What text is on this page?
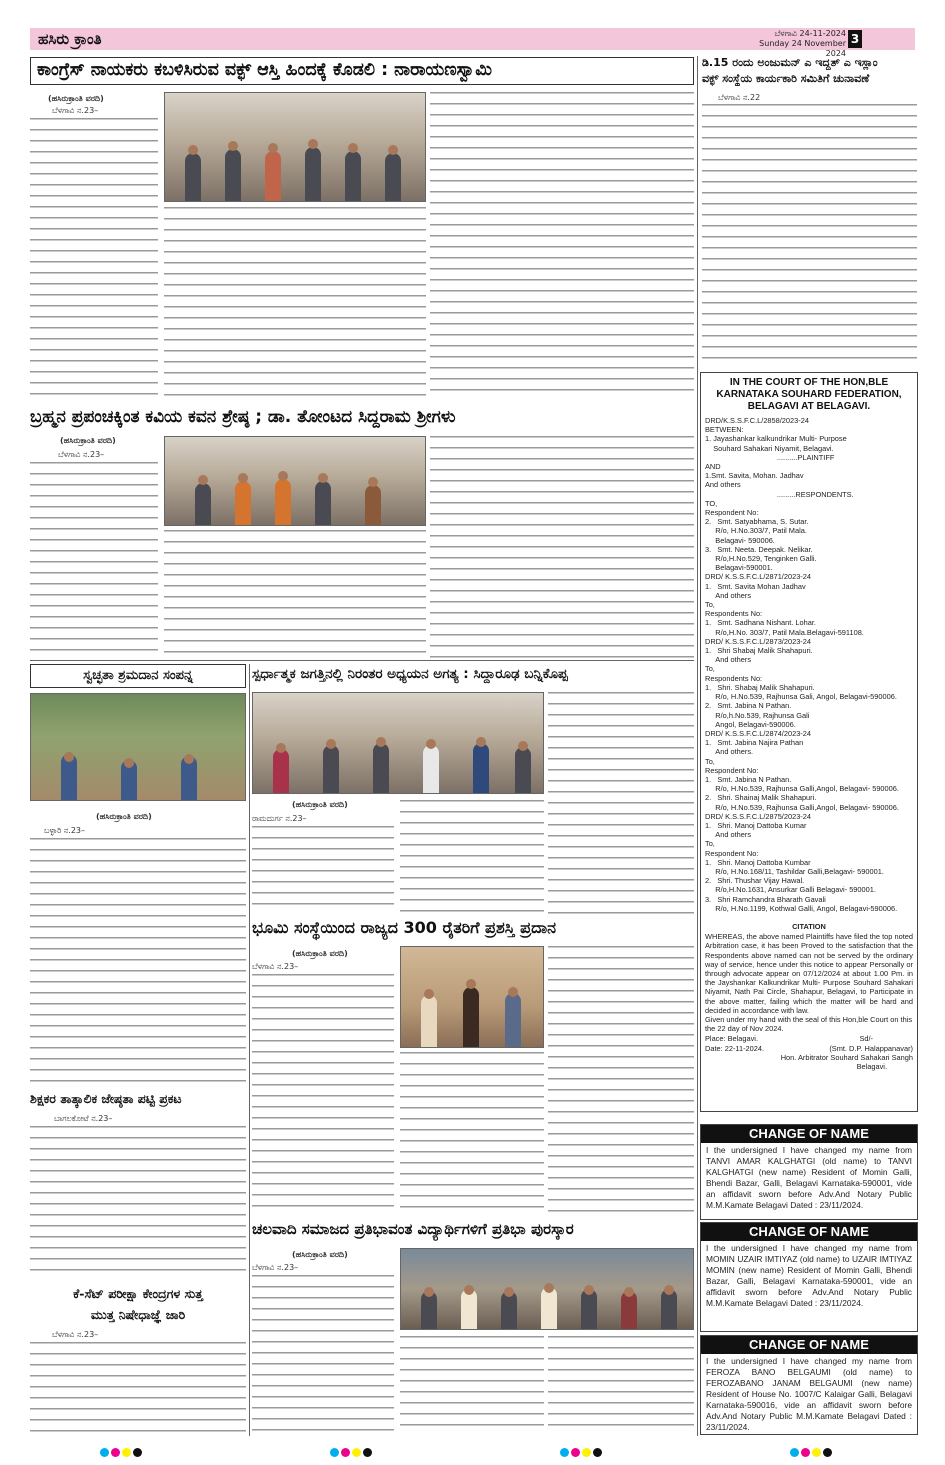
ಹಸಿರು ಕ್ರಾಂತಿ	ಬೆಳಗಾವಿ 24-11-2024
Sunday 24 November 2024
3
ಕಾಂಗ್ರೆಸ್ ನಾಯಕರು ಕಬಳಿಸಿರುವ ವಕ್ಫ್ ಆಸ್ತಿ ಹಿಂದಕ್ಕೆ ಕೊಡಲಿ : ನಾರಾಯಣಸ್ವಾಮಿ
(ಹಸಿರುಕ್ರಾಂತಿ ವರದಿ)
ಬೆಳಗಾವಿ ನ.23–
ಡಿ.15 ರಂದು ಅಂಜುಮನ್ ಎ ಇದ್ದತ್ ಎ ಇಸ್ಲಾಂ
ವಕ್ಫ್ ಸಂಸ್ಥೆಯ ಕಾರ್ಯಕಾರಿ ಸಮಿತಿಗೆ ಚುನಾವಣೆ
ಬೆಳಗಾವಿ ನ.22
ಬ್ರಹ್ಮನ ಪ್ರಪಂಚಕ್ಕಿಂತ ಕವಿಯ ಕವನ ಶ್ರೇಷ್ಠ ; ಡಾ. ತೋಂಟದ ಸಿದ್ದರಾಮ ಶ್ರೀಗಳು
(ಹಸಿರುಕ್ರಾಂತಿ ವರದಿ)
ಬೆಳಗಾವಿ ನ.23–
IN THE COURT OF THE HON,BLE KARNATAKA SOUHARD FEDERATION, BELAGAVI AT BELAGAVI.
DRD/K.S.S.F.C.L/2858/2023-24
BETWEEN:
1. Jayashankar kalkundrikar Multi- Purpose
Souhard Sahakari Niyamit, Belagavi.
..........PLAINTIFF
AND
1.Smt. Savita, Mohan. Jadhav
And others
.........RESPONDENTS.
TO,
Respondent No:
2.   Smt. Satyabhama, S. Sutar.
R/o, H.No.303/7, Patil Mala.
Belagavi- 590006.
3.   Smt. Neeta. Deepak. Nelikar.
R/o,H.No.529, Tenginken Galli.
Belagavi-590001.
DRD/ K.S.S.F.C.L/2871/2023-24
1.   Smt. Savita Mohan Jadhav
And others
To,
Respondents No:
1.   Smt. Sadhana Nishant. Lohar.
R/o,H.No. 303/7, Patil Mala.Belagavi-591108.
DRD/ K.S.S.F.C.L/2873/2023-24
1.   Shri Shabaj Malik Shahapuri.
And others
To,
Respondents No:
1.   Shri. Shabaj Malik Shahapuri.
R/o, H.No.539, Rajhunsa Gali, Angol, Belagavi-590006.
2.   Smt. Jabina N Pathan.
R/o,h.No.539, Rajhunsa Gali
Angol, Belagavi-590006.
DRD/ K.S.S.F.C.L/2874/2023-24
1.   Smt. Jabina Najira Pathan
And others.
To,
Respondent No:
1.   Smt. Jabina N Pathan.
R/o, H.No.539, Rajhunsa Galli,Angol, Belagavi- 590006.
2.   Shri. Shainaj Malik Shahapuri.
R/o, H.No.539, Rajhunsa Galli,Angol, Belagavi- 590006.
DRD/ K.S.S.F.C.L/2875/2023-24
1.   Shri. Manoj Dattoba Kumar
And others
To,
Respondent No:
1.   Shri. Manoj Dattoba Kumbar
R/o, H.No.168/11, Tashildar Galli,Belagavi- 590001.
2.   Shri. Thushar Vijay Hawal.
R/o,H.No.1631, Ansurkar Galli Belagavi- 590001.
3.   Shri Ramchandra Bharath Gavali
R/o, H.No.1199, Kothwal Galli, Angol, Belagavi-590006.
CITATION
WHEREAS, the above named Plaintiffs have filed the top noted Arbitration case, it has been Proved to the satisfaction that the Respondents above named can not be served by the ordinary way of service, hence under this notice to appear Personally or through advocate appear on 07/12/2024 at about 1.00 Pm. in the Jayshankar Kalkundrikar Multi- Purpose Souhard Sahakari Niyamit, Nath Pai Circle, Shahapur, Belagavi, to Participate in the above matter, failing which the matter will be hard and decided in accordance with law.
Given under my hand with the seal of this Hon,ble Court on this the 22 day of Nov 2024.
Place: Belagavi.	Sd/-
Date: 22-11-2024.	(Smt. D.P. Halappanavar)
Hon. Arbitrator Souhard Sahakari Sangh
Belagavi.
CHANGE OF NAME
I the undersigned I have changed my name from TANVI AMAR KALGHATGI (old name) to TANVI KALGHATGI (new name) Resident of Momin Galli, Bhendi Bazar, Galli, Belagavi Karnataka-590001, vide an affidavit sworn before Adv.And Notary Public M.M.Kamate Belagavi Dated : 23/11/2024.
CHANGE OF NAME
I the undersigned I have changed my name from MOMIN UZAIR IMTIYAZ (old name) to UZAIR IMTIYAZ MOMIN (new name) Resident of Momin Galli, Bhendi Bazar, Galli, Belagavi Karnataka-590001, vide an affidavit sworn before Adv.And Notary Public M.M.Kamate Belagavi Dated : 23/11/2024.
CHANGE OF NAME
I the undersigned I have changed my name from FEROZA BANO BELGAUMI (old name) to FEROZABANO JANAM BELGAUMI (new name) Resident of House No. 1007/C Kalaigar Galli, Belagavi Karnataka-590016, vide an affidavit sworn before Adv.And Notary Public M.M.Kamate Belagavi Dated : 23/11/2024.
ಸ್ವಚ್ಛತಾ ಶ್ರಮದಾನ ಸಂಪನ್ನ
(ಹಸಿರುಕ್ರಾಂತಿ ವರದಿ)
ಬಳ್ಳಾರಿ ನ.23–
ಸ್ಪರ್ಧಾತ್ಮಕ ಜಗತ್ತಿನಲ್ಲಿ ನಿರಂತರ ಅಧ್ಯಯನ ಅಗತ್ಯ : ಸಿದ್ದಾರೂಢ ಬನ್ನಿಕೊಪ್ಪ
(ಹಸಿರುಕ್ರಾಂತಿ ವರದಿ)
ರಾಮದುರ್ಗ ನ.23–
ಭೂಮಿ ಸಂಸ್ಥೆಯಿಂದ ರಾಜ್ಯದ 300 ರೈತರಿಗೆ ಪ್ರಶಸ್ತಿ ಪ್ರದಾನ
(ಹಸಿರುಕ್ರಾಂತಿ ವರದಿ)
ಬೆಳಗಾವಿ ನ.23–
ಶಿಕ್ಷಕರ ತಾತ್ಕಾಲಿಕ ಜೇಷ್ಠತಾ ಪಟ್ಟಿ ಪ್ರಕಟ
ಬಾಗಲಕೋಟೆ ನ.23–
ಕೆ-ಸೆಟ್ ಪರೀಕ್ಷಾ ಕೇಂದ್ರಗಳ ಸುತ್ತ
ಮುತ್ತ ನಿಷೇಧಾಜ್ಞೆ ಜಾರಿ
ಬೆಳಗಾವಿ ನ.23–
ಚಲವಾದಿ ಸಮಾಜದ ಪ್ರತಿಭಾವಂತ ವಿದ್ಯಾರ್ಥಿಗಳಿಗೆ ಪ್ರತಿಭಾ ಪುರಸ್ಕಾರ
(ಹಸಿರುಕ್ರಾಂತಿ ವರದಿ)
ಬೆಳಗಾವಿ ನ.23–
